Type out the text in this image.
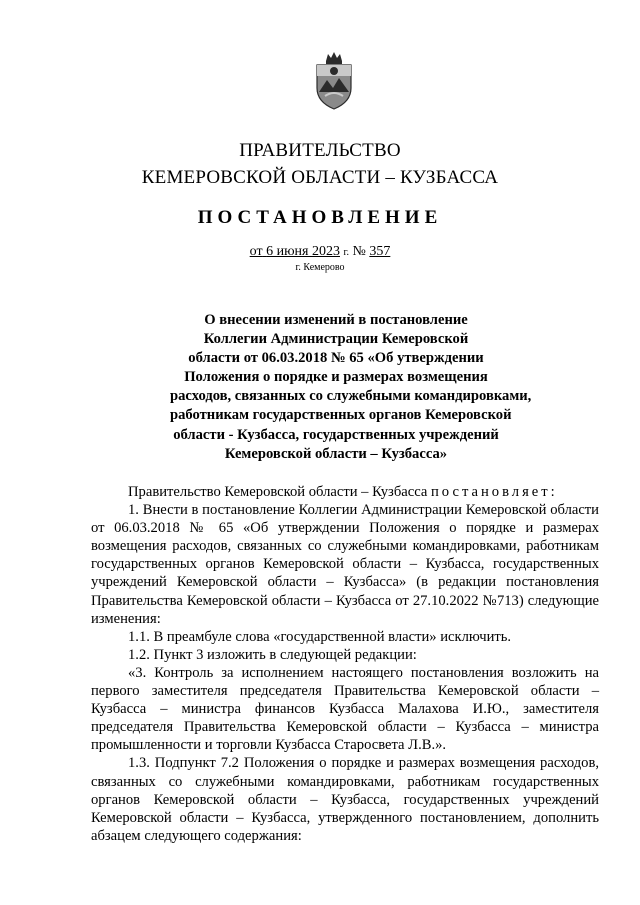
ПРАВИТЕЛЬСТВО
КЕМЕРОВСКОЙ ОБЛАСТИ – КУЗБАССА
ПОСТАНОВЛЕНИЕ
от 6 июня 2023 г. № 357
г. Кемерово
О внесении изменений в постановление
Коллегии Администрации Кемеровской
области от 06.03.2018 № 65 «Об утверждении
Положения о порядке и размерах возмещения
расходов, связанных со служебными командировками,
работникам государственных органов Кемеровской
области - Кузбасса, государственных учреждений
Кемеровской области – Кузбасса»

Правительство Кемеровской области – Кузбасса постановляет:

1. Внести в постановление Коллегии Администрации Кемеровской области от 06.03.2018 № 65 «Об утверждении Положения о порядке и размерах возмещения расходов, связанных со служебными командировками, работникам государственных органов Кемеровской области – Кузбасса, государственных учреждений Кемеровской области – Кузбасса» (в редакции постановления Правительства Кемеровской области – Кузбасса от 27.10.2022 №713) следующие изменения:

1.1. В преамбуле слова «государственной власти» исключить.

1.2. Пункт 3 изложить в следующей редакции:

«3. Контроль за исполнением настоящего постановления возложить на первого заместителя председателя Правительства Кемеровской области – Кузбасса – министра финансов Кузбасса Малахова И.Ю., заместителя председателя Правительства Кемеровской области – Кузбасса – министра промышленности и торговли Кузбасса Старосвета Л.В.».

1.3. Подпункт 7.2 Положения о порядке и размерах возмещения расходов, связанных со служебными командировками, работникам государственных органов Кемеровской области – Кузбасса, государственных учреждений Кемеровской области – Кузбасса, утвержденного постановлением, дополнить абзацем следующего содержания:
